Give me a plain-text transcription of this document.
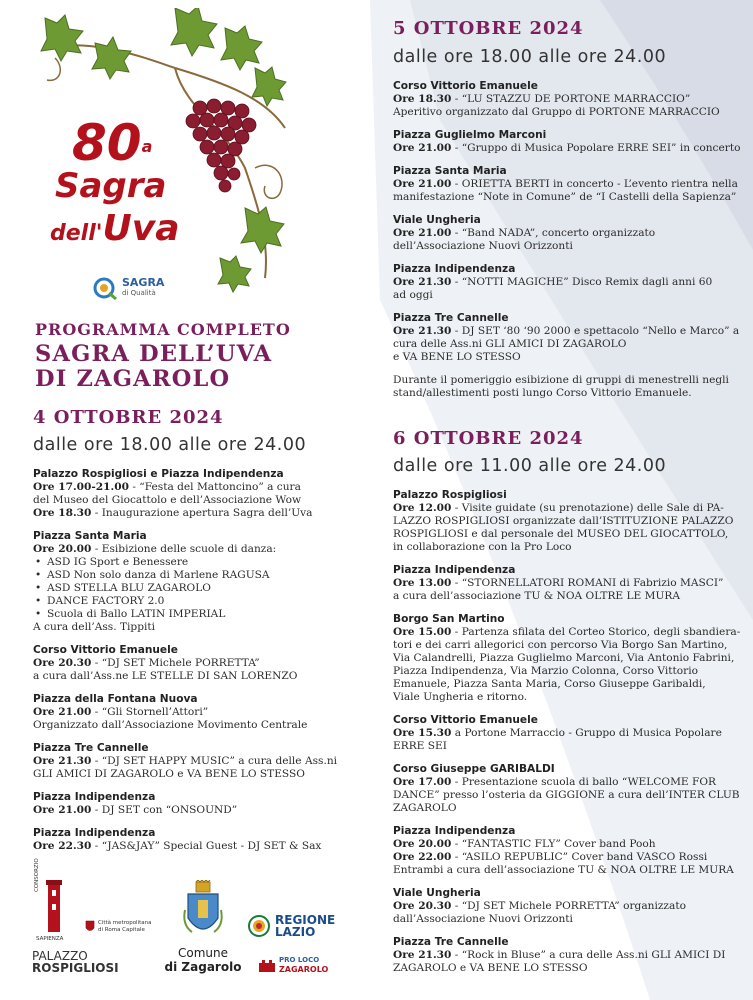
80$^a$
Sagra
dell'Uva
SAGRA
di Qualità
PROGRAMMA COMPLETO
SAGRA DELL’UVA
DI ZAGAROLO
4 OTTOBRE 2024
dalle ore 18.00 alle ore 24.00
Palazzo Rospigliosi e Piazza Indipendenza
Ore 17.00-21.00 - “Festa del Mattoncino” a cura
del Museo del Giocattolo e dell’Associazione Wow
Ore 18.30 - Inaugurazione apertura Sagra dell’Uva
Piazza Santa Maria
Ore 20.00 - Esibizione delle scuole di danza:
• ASD IG Sport e Benessere
• ASD Non solo danza di Marlene RAGUSA
• ASD STELLA BLU ZAGAROLO
• DANCE FACTORY 2.0
• Scuola di Ballo LATIN IMPERIAL
A cura dell’Ass. Tippiti
Corso Vittorio Emanuele
Ore 20.30 - “DJ SET Michele PORRETTA”
a cura dall’Ass.ne LE STELLE DI SAN LORENZO
Piazza della Fontana Nuova
Ore 21.00 - “Gli Stornell’Attori”
Organizzato dall’Associazione Movimento Centrale
Piazza Tre Cannelle
Ore 21.30 - “DJ SET HAPPY MUSIC” a cura delle Ass.ni
GLI AMICI DI ZAGAROLO e VA BENE LO STESSO
Piazza Indipendenza
Ore 21.00 - DJ SET con “ONSOUND”
Piazza Indipendenza
Ore 22.30 - “JAS&JAY” Special Guest - DJ SET & Sax
5 OTTOBRE 2024
dalle ore 18.00 alle ore 24.00
Corso Vittorio Emanuele
Ore 18.30 - “LU STAZZU DE PORTONE MARRACCIO”
Aperitivo organizzato dal Gruppo di PORTONE MARRACCIO
Piazza Guglielmo Marconi
Ore 21.00 - “Gruppo di Musica Popolare ERRE SEI” in concerto
Piazza Santa Maria
Ore 21.00 - ORIETTA BERTI in concerto - L’evento rientra nella
manifestazione “Note in Comune” de “I Castelli della Sapienza”
Viale Ungheria
Ore 21.00 - “Band NADA”, concerto organizzato
dell’Associazione Nuovi Orizzonti
Piazza Indipendenza
Ore 21.30 - “NOTTI MAGICHE” Disco Remix dagli anni 60
ad oggi
Piazza Tre Cannelle
Ore 21.30 - DJ SET ‘80 ‘90 2000 e spettacolo “Nello e Marco” a
cura delle Ass.ni GLI AMICI DI ZAGAROLO
e VA BENE LO STESSO
Durante il pomeriggio esibizione di gruppi di menestrelli negli
stand/allestimenti posti lungo Corso Vittorio Emanuele.
6 OTTOBRE 2024
dalle ore 11.00 alle ore 24.00
Palazzo Rospigliosi
Ore 12.00 - Visite guidate (su prenotazione) delle Sale di PA-
LAZZO ROSPIGLIOSI organizzate dall’ISTITUZIONE PALAZZO
ROSPIGLIOSI e dal personale del MUSEO DEL GIOCATTOLO,
in collaborazione con la Pro Loco
Piazza Indipendenza
Ore 13.00 - “STORNELLATORI ROMANI di Fabrizio MASCI”
a cura dell’associazione TU & NOA OLTRE LE MURA
Borgo San Martino
Ore 15.00 - Partenza sfilata del Corteo Storico, degli sbandiera-
tori e dei carri allegorici con percorso Via Borgo San Martino,
Via Calandrelli, Piazza Guglielmo Marconi, Via Antonio Fabrini,
Piazza Indipendenza, Via Marzio Colonna, Corso Vittorio
Emanuele, Piazza Santa Maria, Corso Giuseppe Garibaldi,
Viale Ungheria e ritorno.
Corso Vittorio Emanuele
Ore 15.30 a Portone Marraccio - Gruppo di Musica Popolare
ERRE SEI
Corso Giuseppe GARIBALDI
Ore 17.00 - Presentazione scuola di ballo “WELCOME FOR
DANCE” presso l’osteria da GIGGIONE a cura dell’INTER CLUB
ZAGAROLO
Piazza Indipendenza
Ore 20.00 - “FANTASTIC FLY” Cover band Pooh
Ore 22.00 - “ASILO REPUBLIC” Cover band VASCO Rossi
Entrambi a cura dell’associazione TU & NOA OLTRE LE MURA
Viale Ungheria
Ore 20.30 - “DJ SET Michele PORRETTA” organizzato
dall’Associazione Nuovi Orizzonti
Piazza Tre Cannelle
Ore 21.30 - “Rock in Bluse” a cura delle Ass.ni GLI AMICI DI
ZAGAROLO e VA BENE LO STESSO
CONSORZIO
SAPIENZA
Città metropolitana
di Roma Capitale
PALAZZO
ROSPIGLIOSI
Comune
di Zagarolo
REGIONE
LAZIO
PRO LOCO
ZAGAROLO
